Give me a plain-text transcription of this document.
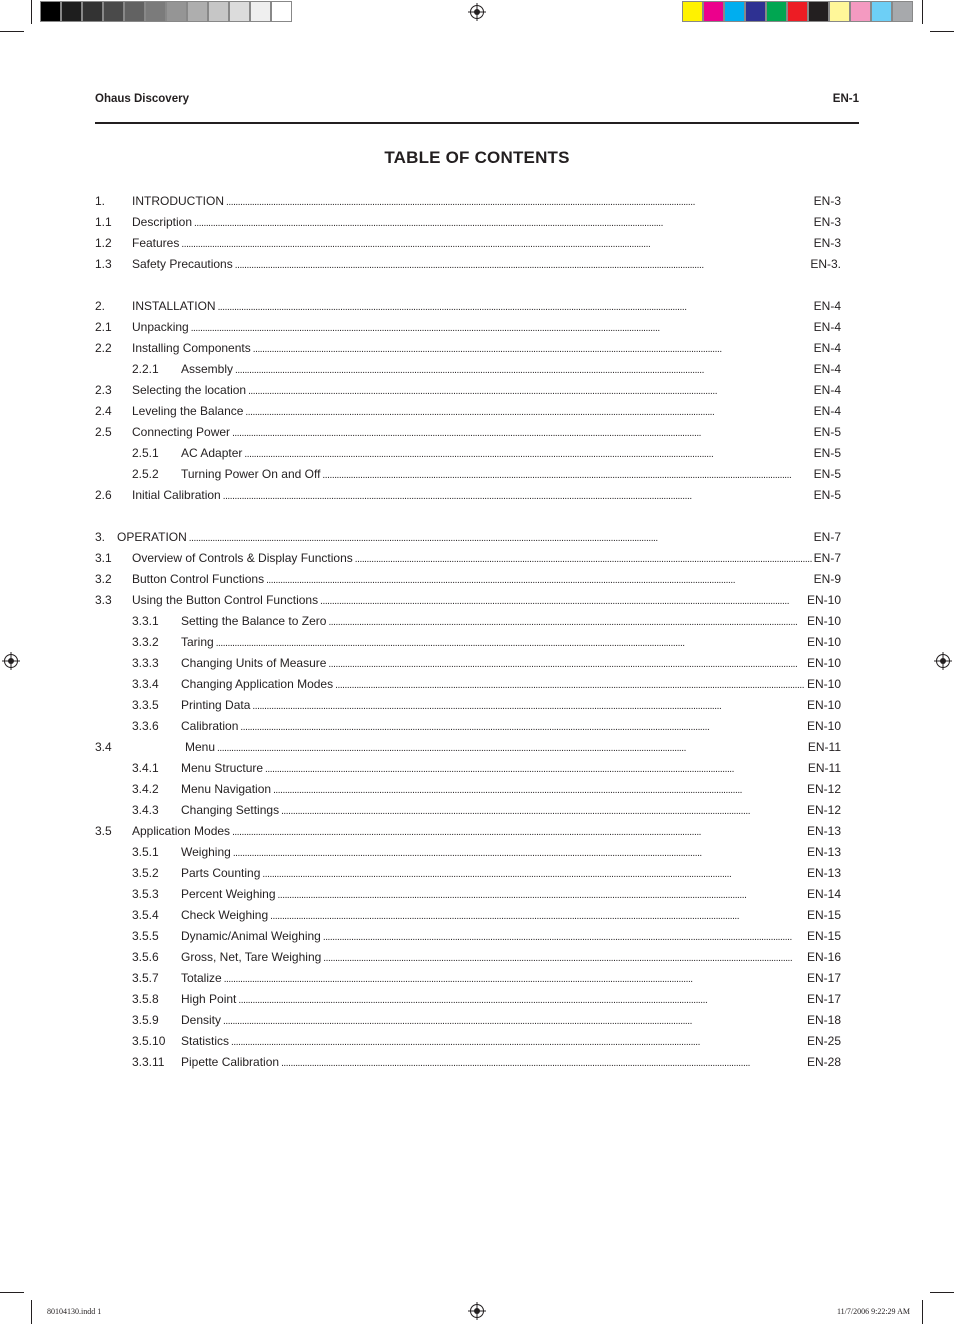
Ohaus Discovery	EN-1
TABLE OF CONTENTS
1. INTRODUCTION . . .	EN-3
1.1 Description . . .	EN-3
1.2 Features . . .	EN-3
1.3 Safety Precautions . . .	EN-3.
2. INSTALLATION . . .	EN-4
2.1 Unpacking . . .	EN-4
2.2 Installing Components . . .	EN-4
2.2.1 Assembly . . .	EN-4
2.3 Selecting the location . . .	EN-4
2.4 Leveling the Balance . . .	EN-4
2.5 Connecting Power . . .	EN-5
2.5.1 AC Adapter . . .	EN-5
2.5.2 Turning Power On and Off . . .	EN-5
2.6 Initial Calibration . . .	EN-5
3. OPERATION . . .	EN-7
3.1 Overview of Controls & Display Functions . . .	EN-7
3.2 Button Control Functions . . .	EN-9
3.3 Using the Button Control Functions . . .	EN-10
3.3.1 Setting the Balance to Zero . . .	EN-10
3.3.2 Taring . . .	EN-10
3.3.3 Changing Units of Measure . . .	EN-10
3.3.4 Changing Application Modes . . .	EN-10
3.3.5 Printing Data . . .	EN-10
3.3.6 Calibration . . .	EN-10
3.4	Menu . . .	EN-11
3.4.1 Menu Structure . . .	EN-11
3.4.2 Menu Navigation . . .	EN-12
3.4.3 Changing Settings . . .	EN-12
3.5 Application Modes . . .	EN-13
3.5.1 Weighing . . .	EN-13
3.5.2 Parts Counting . . .	EN-13
3.5.3 Percent Weighing . . .	EN-14
3.5.4 Check Weighing . . .	EN-15
3.5.5 Dynamic/Animal Weighing . . .	EN-15
3.5.6 Gross, Net, Tare Weighing . . .	EN-16
3.5.7 Totalize . . .	EN-17
3.5.8 High Point . . .	EN-17
3.5.9 Density . . .	EN-18
3.5.10 Statistics . . .	EN-25
3.3.11 Pipette Calibration . . .	EN-28
80104130.indd 1	11/7/2006 9:22:29 AM
